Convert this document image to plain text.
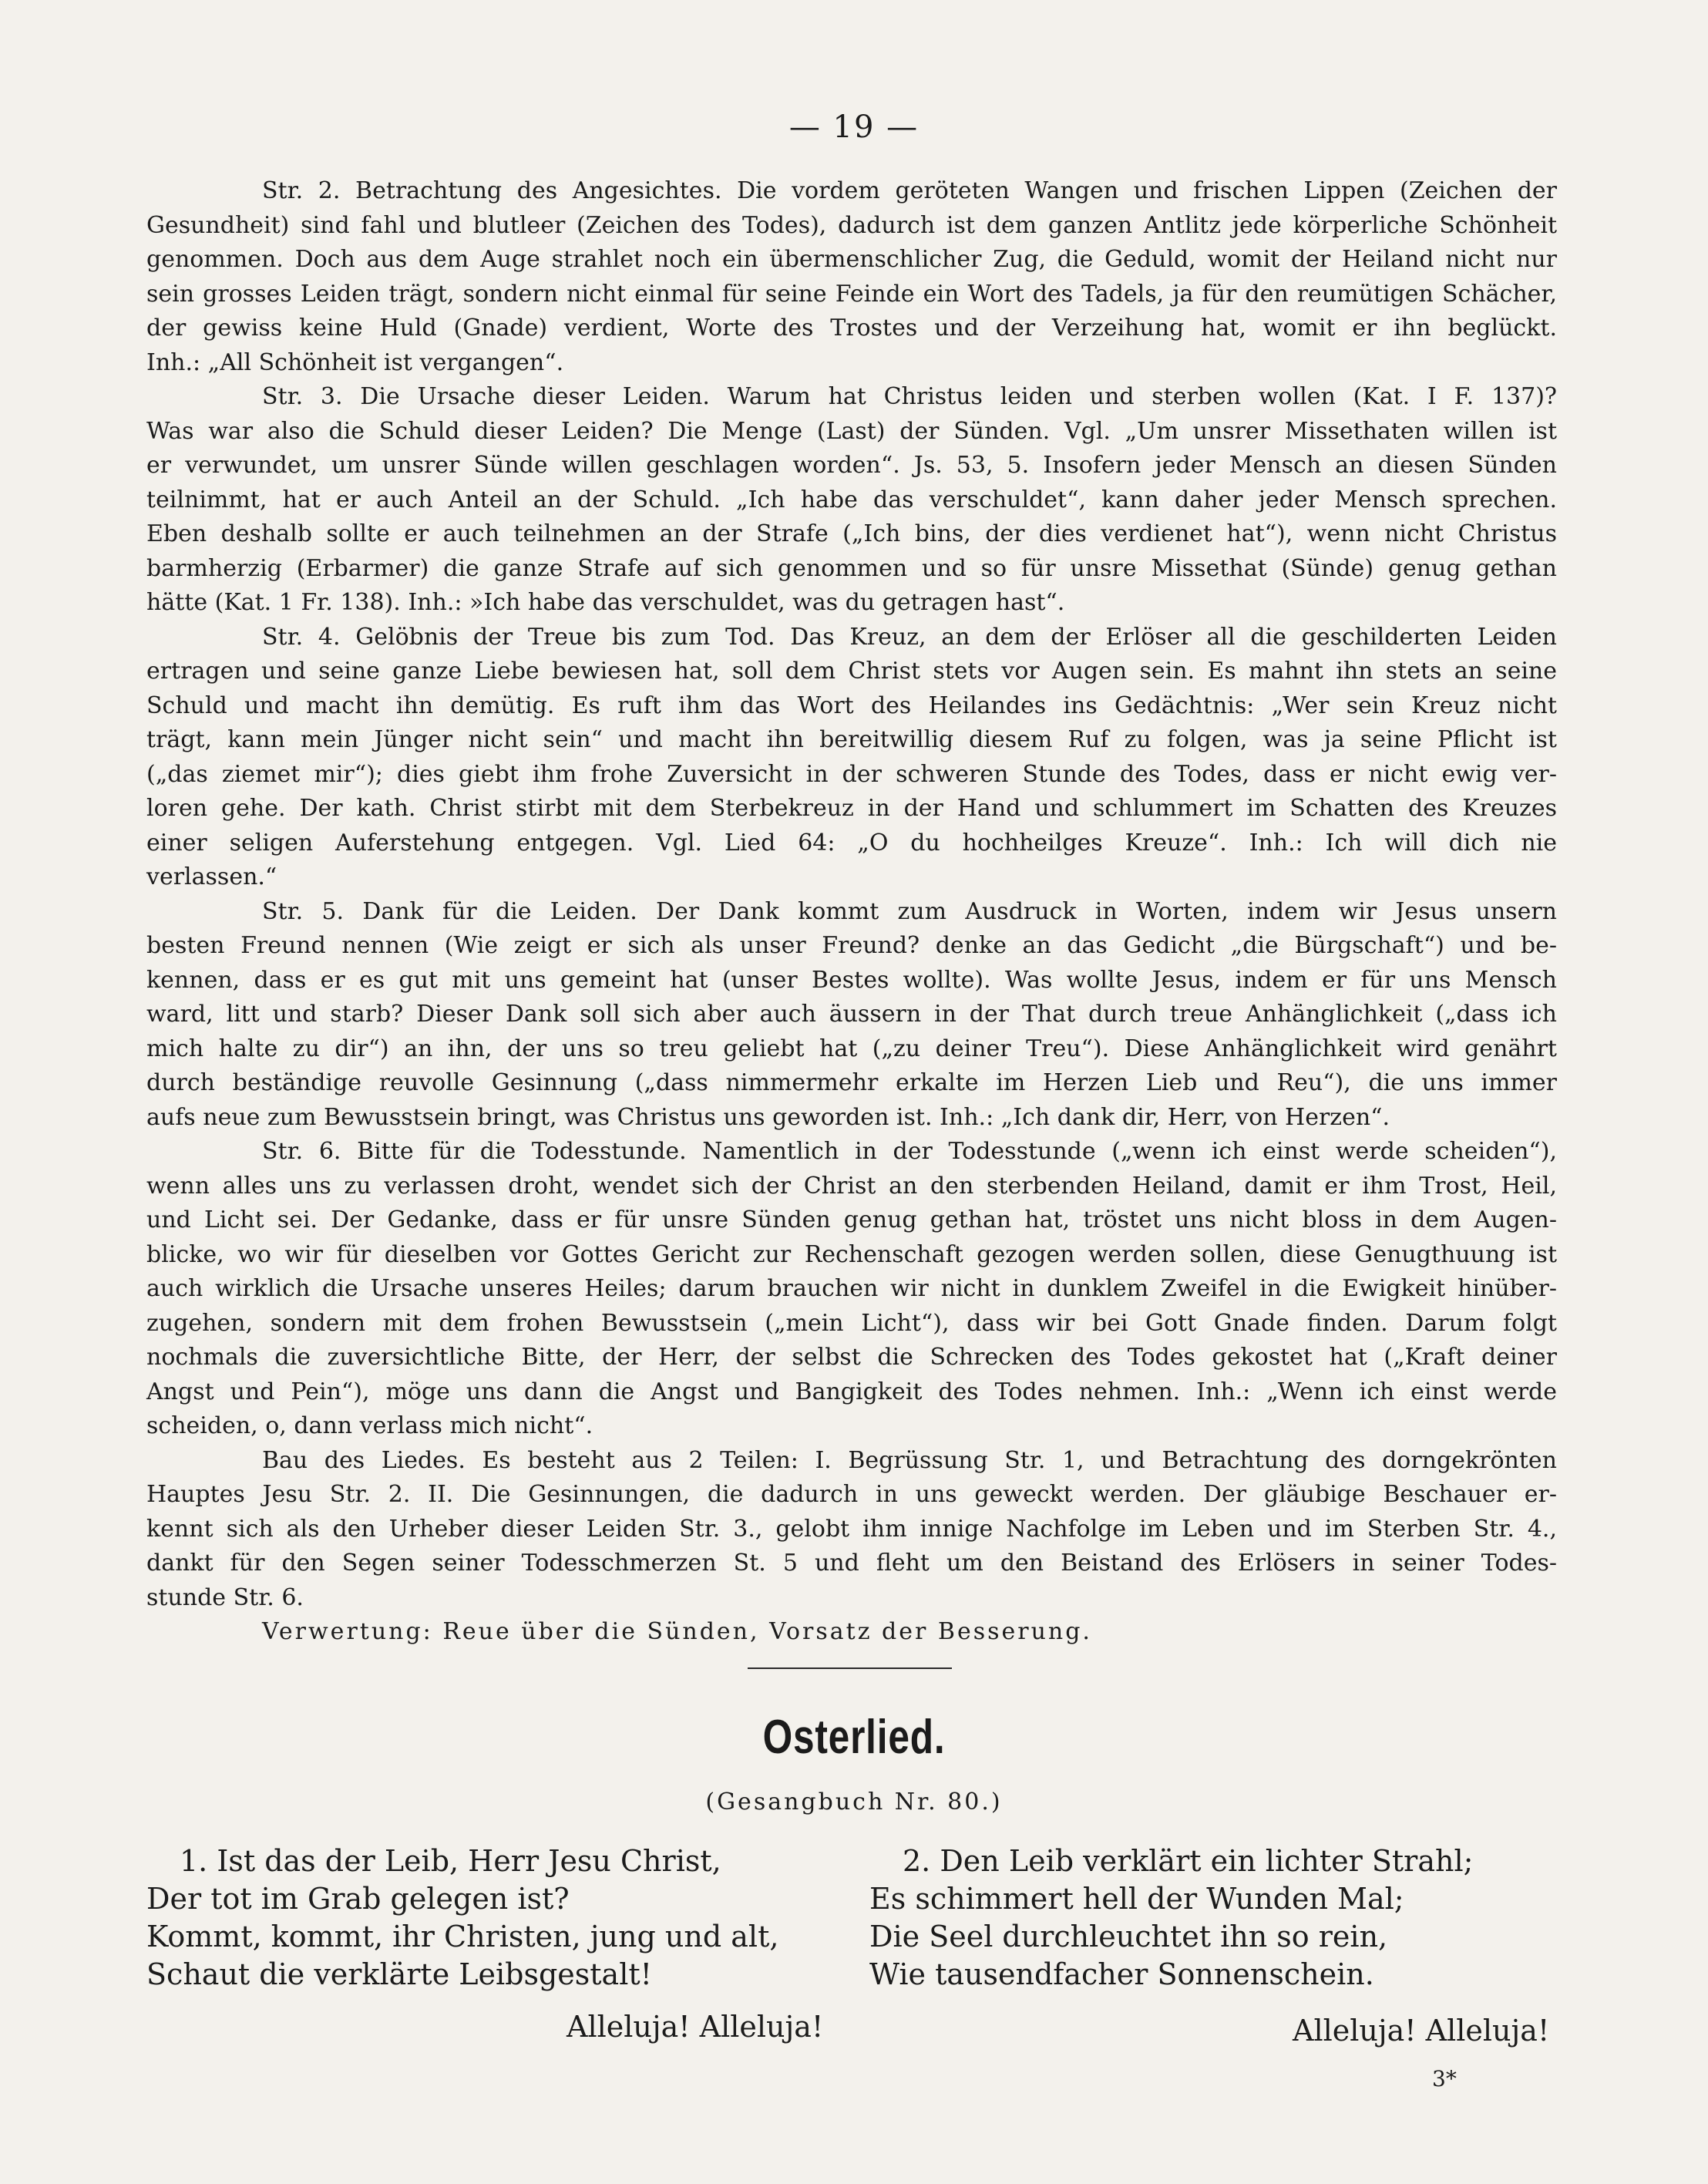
— 19 —
Str. 2. Betrachtung des Angesichtes. Die vordem geröteten Wangen und frischen Lippen (Zeichen der
Gesundheit) sind fahl und blutleer (Zeichen des Todes), dadurch ist dem ganzen Antlitz jede körperliche Schönheit
genommen. Doch aus dem Auge strahlet noch ein übermenschlicher Zug, die Geduld, womit der Heiland nicht nur
sein grosses Leiden trägt, sondern nicht einmal für seine Feinde ein Wort des Tadels, ja für den reumütigen Schächer,
der gewiss keine Huld (Gnade) verdient, Worte des Trostes und der Verzeihung hat, womit er ihn beglückt.
Inh.: „All Schönheit ist vergangen“.
Str. 3. Die Ursache dieser Leiden. Warum hat Christus leiden und sterben wollen (Kat. I F. 137)?
Was war also die Schuld dieser Leiden? Die Menge (Last) der Sünden. Vgl. „Um unsrer Missethaten willen ist
er verwundet, um unsrer Sünde willen geschlagen worden“. Js. 53, 5. Insofern jeder Mensch an diesen Sünden
teilnimmt, hat er auch Anteil an der Schuld. „Ich habe das verschuldet“, kann daher jeder Mensch sprechen.
Eben deshalb sollte er auch teilnehmen an der Strafe („Ich bins, der dies verdienet hat“), wenn nicht Christus
barmherzig (Erbarmer) die ganze Strafe auf sich genommen und so für unsre Missethat (Sünde) genug gethan
hätte (Kat. 1 Fr. 138). Inh.: »Ich habe das verschuldet, was du getragen hast“.
Str. 4. Gelöbnis der Treue bis zum Tod. Das Kreuz, an dem der Erlöser all die geschilderten Leiden
ertragen und seine ganze Liebe bewiesen hat, soll dem Christ stets vor Augen sein. Es mahnt ihn stets an seine
Schuld und macht ihn demütig. Es ruft ihm das Wort des Heilandes ins Gedächtnis: „Wer sein Kreuz nicht
trägt, kann mein Jünger nicht sein“ und macht ihn bereitwillig diesem Ruf zu folgen, was ja seine Pflicht ist
(„das ziemet mir“); dies giebt ihm frohe Zuversicht in der schweren Stunde des Todes, dass er nicht ewig ver-
loren gehe. Der kath. Christ stirbt mit dem Sterbekreuz in der Hand und schlummert im Schatten des Kreuzes
einer seligen Auferstehung entgegen. Vgl. Lied 64: „O du hochheilges Kreuze“. Inh.: Ich will dich nie
verlassen.“
Str. 5. Dank für die Leiden. Der Dank kommt zum Ausdruck in Worten, indem wir Jesus unsern
besten Freund nennen (Wie zeigt er sich als unser Freund? denke an das Gedicht „die Bürgschaft“) und be-
kennen, dass er es gut mit uns gemeint hat (unser Bestes wollte). Was wollte Jesus, indem er für uns Mensch
ward, litt und starb? Dieser Dank soll sich aber auch äussern in der That durch treue Anhänglichkeit („dass ich
mich halte zu dir“) an ihn, der uns so treu geliebt hat („zu deiner Treu“). Diese Anhänglichkeit wird genährt
durch beständige reuvolle Gesinnung („dass nimmermehr erkalte im Herzen Lieb und Reu“), die uns immer
aufs neue zum Bewusstsein bringt, was Christus uns geworden ist. Inh.: „Ich dank dir, Herr, von Herzen“.
Str. 6. Bitte für die Todesstunde. Namentlich in der Todesstunde („wenn ich einst werde scheiden“),
wenn alles uns zu verlassen droht, wendet sich der Christ an den sterbenden Heiland, damit er ihm Trost, Heil,
und Licht sei. Der Gedanke, dass er für unsre Sünden genug gethan hat, tröstet uns nicht bloss in dem Augen-
blicke, wo wir für dieselben vor Gottes Gericht zur Rechenschaft gezogen werden sollen, diese Genugthuung ist
auch wirklich die Ursache unseres Heiles; darum brauchen wir nicht in dunklem Zweifel in die Ewigkeit hinüber-
zugehen, sondern mit dem frohen Bewusstsein („mein Licht“), dass wir bei Gott Gnade finden. Darum folgt
nochmals die zuversichtliche Bitte, der Herr, der selbst die Schrecken des Todes gekostet hat („Kraft deiner
Angst und Pein“), möge uns dann die Angst und Bangigkeit des Todes nehmen. Inh.: „Wenn ich einst werde
scheiden, o, dann verlass mich nicht“.
Bau des Liedes. Es besteht aus 2 Teilen: I. Begrüssung Str. 1, und Betrachtung des dorngekrönten
Hauptes Jesu Str. 2. II. Die Gesinnungen, die dadurch in uns geweckt werden. Der gläubige Beschauer er-
kennt sich als den Urheber dieser Leiden Str. 3., gelobt ihm innige Nachfolge im Leben und im Sterben Str. 4.,
dankt für den Segen seiner Todesschmerzen St. 5 und fleht um den Beistand des Erlösers in seiner Todes-
stunde Str. 6.
Verwertung: Reue über die Sünden, Vorsatz der Besserung.
Osterlied.
(Gesangbuch Nr. 80.)
1. Ist das der Leib, Herr Jesu Christ,
Der tot im Grab gelegen ist?
Kommt, kommt, ihr Christen, jung und alt,
Schaut die verklärte Leibsgestalt!
Alleluja! Alleluja!
2. Den Leib verklärt ein lichter Strahl;
Es schimmert hell der Wunden Mal;
Die Seel durchleuchtet ihn so rein,
Wie tausendfacher Sonnenschein.
Alleluja! Alleluja!
3*
